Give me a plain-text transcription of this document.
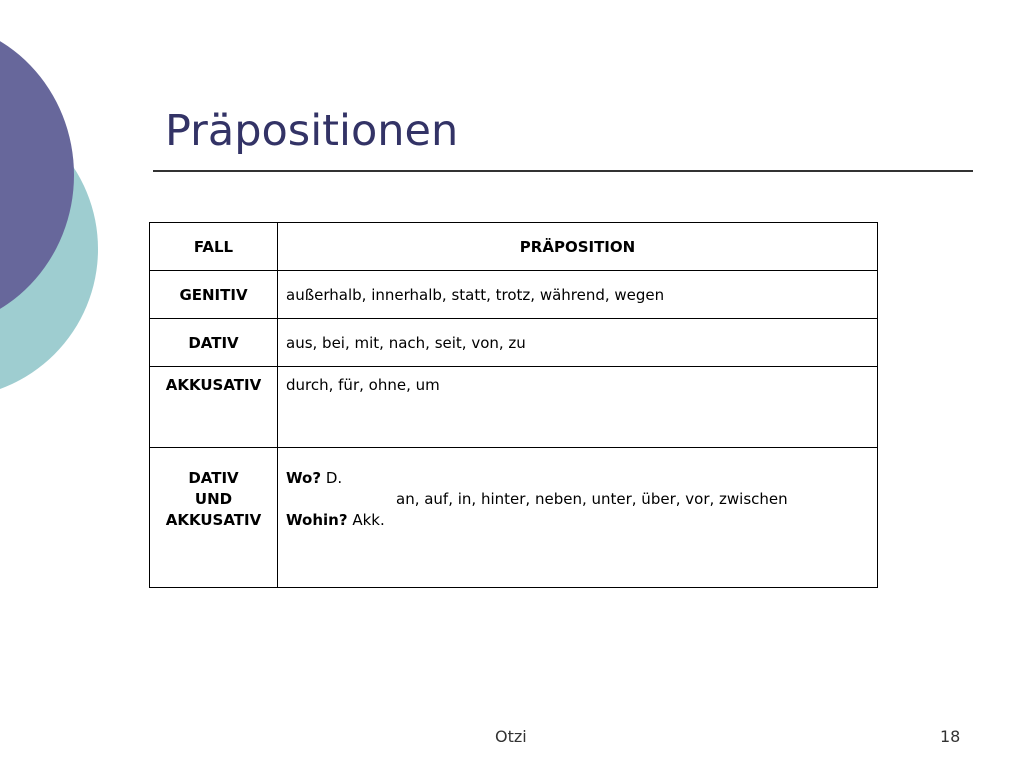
Präpositionen
FALL	PRÄPOSITION
GENITIV	außerhalb, innerhalb, statt, trotz, während, wegen
DATIV	aus, bei, mit, nach, seit, von, zu
AKKUSATIV	durch, für, ohne, um

DATIV
UND
AKKUSATIV	Wo? D.
an, auf, in, hinter, neben, unter, über, vor, zwischen
Wohin? Akk.
Otzi	18
